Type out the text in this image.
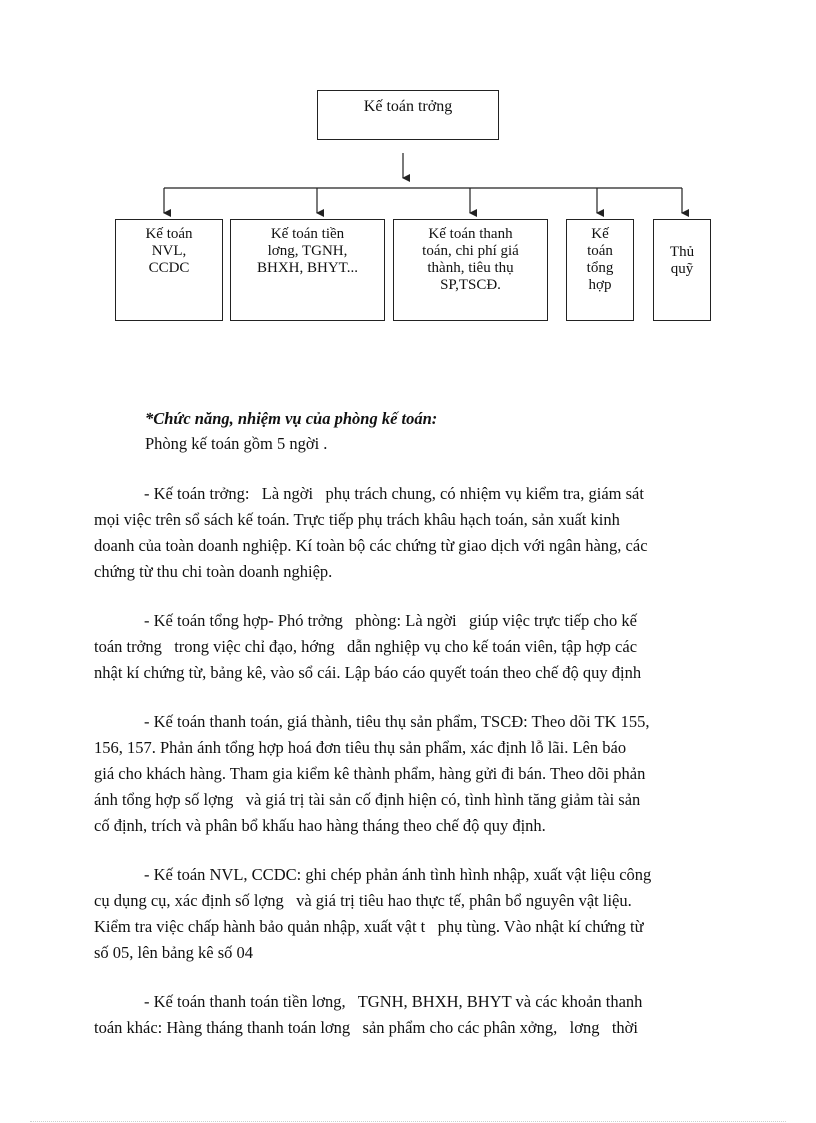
Kế toán trởng
Kế toán
NVL,
CCDC
Kế toán tiền
lơng, TGNH,
BHXH, BHYT...
Kế toán thanh
toán, chi phí giá
thành, tiêu thụ
SP,TSCĐ.
Kế
toán
tổng
hợp
Thủ
quỹ
*Chức năng, nhiệm vụ của phòng kế toán:
Phòng kế toán gồm 5 ngời .
- Kế toán trởng:   Là ngời   phụ trách chung, có nhiệm vụ kiểm tra, giám sát
mọi việc trên sổ sách kế toán. Trực tiếp phụ trách khâu hạch toán, sản xuất kinh
doanh của toàn doanh nghiệp. Kí toàn bộ các chứng từ giao dịch với ngân hàng, các
chứng từ thu chi toàn doanh nghiệp.
- Kế toán tổng hợp- Phó trởng   phòng: Là ngời   giúp việc trực tiếp cho kế
toán trởng   trong việc chỉ đạo, hớng   dẫn nghiệp vụ cho kế toán viên, tập hợp các
nhật kí chứng từ, bảng kê, vào sổ cái. Lập báo cáo quyết toán theo chế độ quy định
- Kế toán thanh toán, giá thành, tiêu thụ sản phẩm, TSCĐ: Theo dõi TK 155,
156, 157. Phản ánh tổng hợp hoá đơn tiêu thụ sản phẩm, xác định lỗ lãi. Lên báo
giá cho khách hàng. Tham gia kiểm kê thành phẩm, hàng gửi đi bán. Theo dõi phản
ánh tổng hợp số lợng   và giá trị tài sản cố định hiện có, tình hình tăng giảm tài sản
cố định, trích và phân bổ khấu hao hàng tháng theo chế độ quy định.
- Kế toán NVL, CCDC: ghi chép phản ánh tình hình nhập, xuất vật liệu công
cụ dụng cụ, xác định số lợng   và giá trị tiêu hao thực tế, phân bổ nguyên vật liệu.
Kiểm tra việc chấp hành bảo quản nhập, xuất vật t   phụ tùng. Vào nhật kí chứng từ
số 05, lên bảng kê số 04
- Kế toán thanh toán tiền lơng,   TGNH, BHXH, BHYT và các khoản thanh
toán khác: Hàng tháng thanh toán lơng   sản phẩm cho các phân xởng,   lơng   thời
